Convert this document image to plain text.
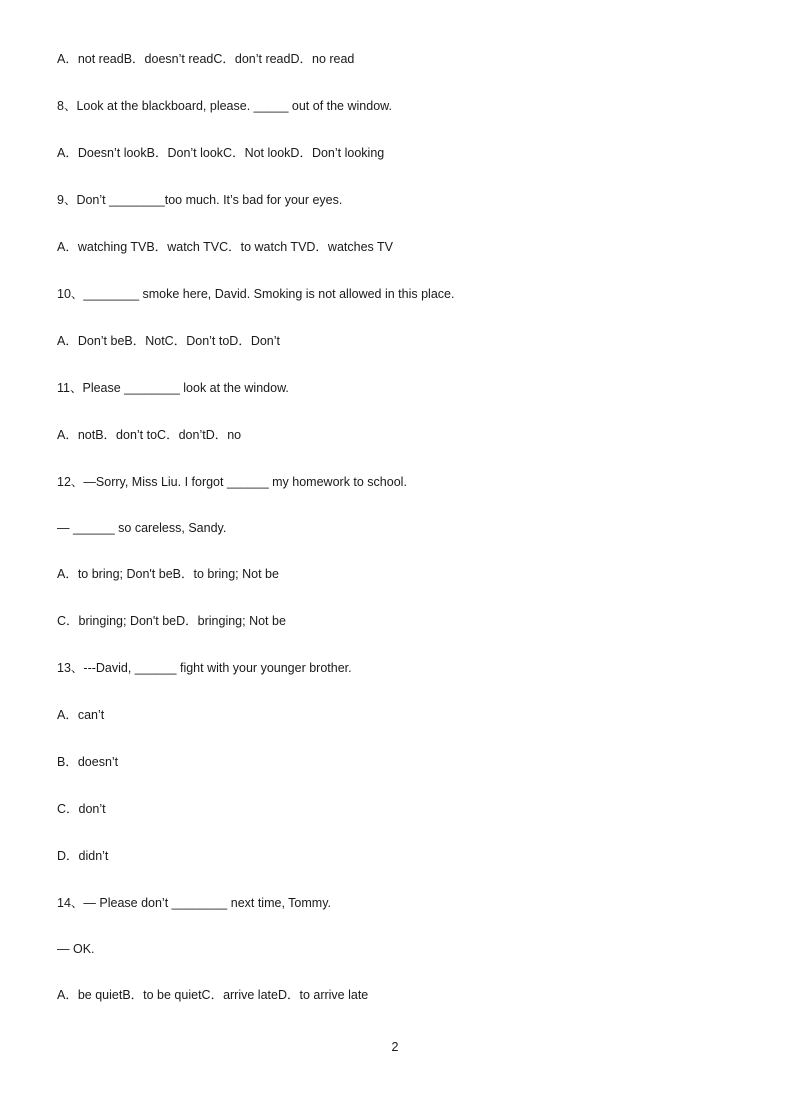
A．not readB．doesn’t readC．don’t readD．no read

8、Look at the blackboard, please. _____ out of the window.

A．Doesn’t lookB．Don’t lookC．Not lookD．Don’t looking

9、Don’t ________too much. It’s bad for your eyes.

A．watching TVB．watch TVC．to watch TVD．watches TV

10、________ smoke here, David. Smoking is not allowed in this place.

A．Don’t beB．NotC．Don’t toD．Don’t

11、Please ________ look at the window.

A．notB．don’t toC．don’tD．no

12、—Sorry, Miss Liu. I forgot ______ my homework to school.

— ______ so careless, Sandy.

A．to bring; Don't beB．to bring; Not be

C．bringing; Don't beD．bringing; Not be

13、---David, ______ fight with your younger brother.

A．can’t

B．doesn’t

C．don’t

D．didn’t

14、— Please don’t ________ next time, Tommy.

— OK.

A．be quietB．to be quietC．arrive lateD．to arrive late

2
